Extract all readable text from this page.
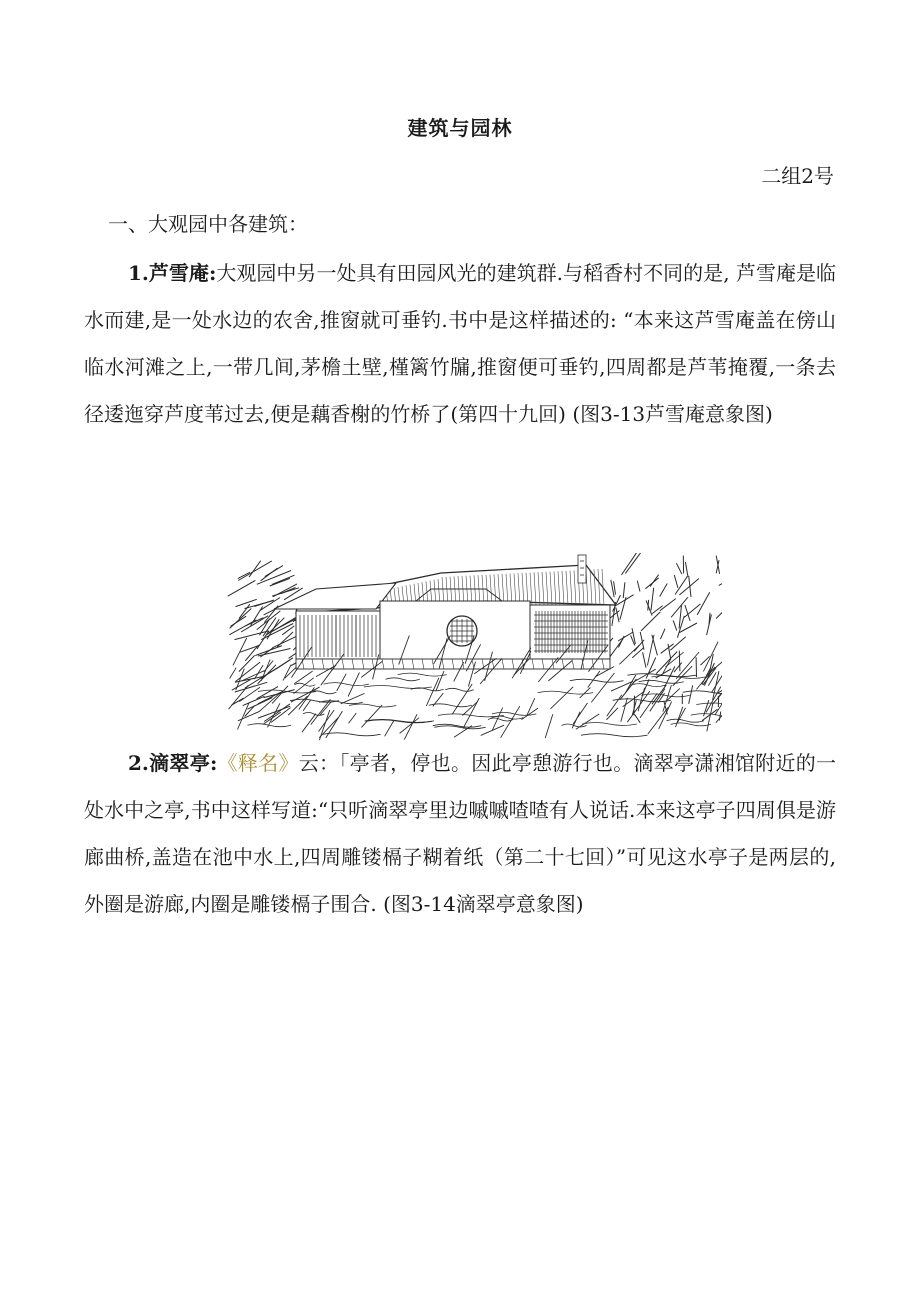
建筑与园林
二组2号
一、大观园中各建筑：

1.芦雪庵:大观园中另一处具有田园风光的建筑群.与稻香村不同的是, 芦雪庵是临水而建,是一处水边的农舍,推窗就可垂钓.书中是这样描述的: “本来这芦雪庵盖在傍山临水河滩之上,一带几间,茅檐土壁,槿篱竹牖,推窗便可垂钓,四周都是芦苇掩覆,一条去径逶迤穿芦度苇过去,便是藕香榭的竹桥了(第四十九回) (图3-13芦雪庵意象图)

2.滴翠亭:《释名》云：「亭者，停也。因此亭憩游行也。滴翠亭潇湘馆附近的一处水中之亭,书中这样写道:“只听滴翠亭里边嘁嘁喳喳有人说话.本来这亭子四周俱是游廊曲桥,盖造在池中水上,四周雕镂槅子糊着纸（第二十七回）”可见这水亭子是两层的,外圈是游廊,内圈是雕镂槅子围合. (图3-14滴翠亭意象图)
